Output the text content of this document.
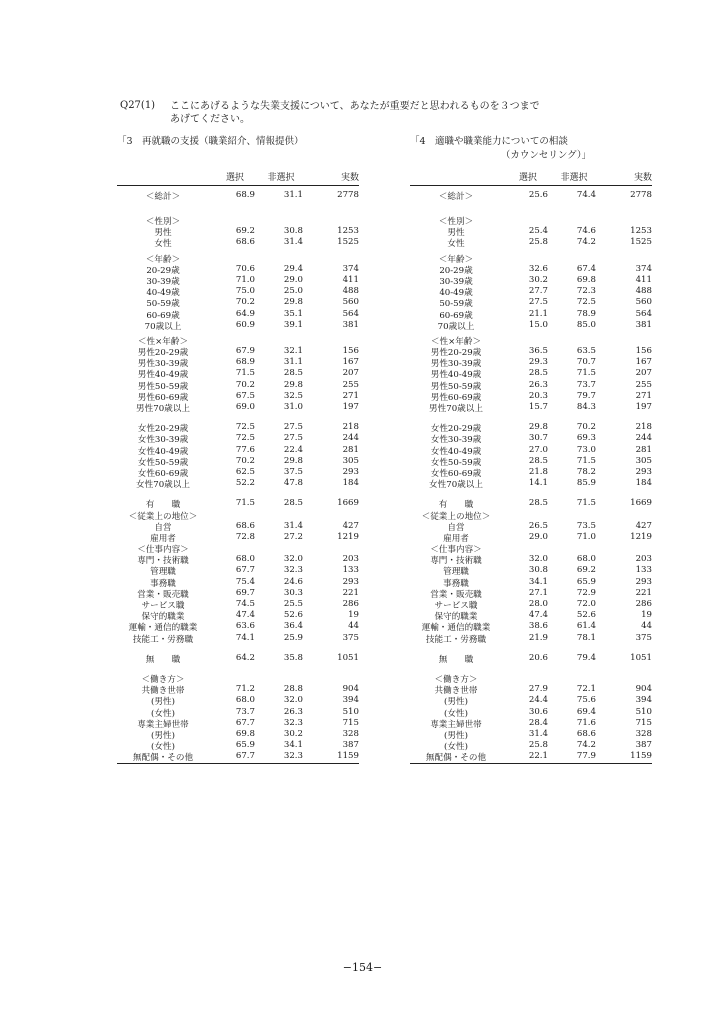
Q27(1) ここにあげるような失業支援について、あなたが重要だと思われるものを３つまで
あげてください。
「3　再就職の支援（職業紹介、情報提供）
選択	非選択	実数
＜総計＞	68.9	31.1	2778
＜性別＞
男性	69.2	30.8	1253
女性	68.6	31.4	1525
＜年齢＞
20-29歳	70.6	29.4	374
30-39歳	71.0	29.0	411
40-49歳	75.0	25.0	488
50-59歳	70.2	29.8	560
60-69歳	64.9	35.1	564
70歳以上	60.9	39.1	381
＜性×年齢＞
男性20-29歳	67.9	32.1	156
男性30-39歳	68.9	31.1	167
男性40-49歳	71.5	28.5	207
男性50-59歳	70.2	29.8	255
男性60-69歳	67.5	32.5	271
男性70歳以上	69.0	31.0	197
女性20-29歳	72.5	27.5	218
女性30-39歳	72.5	27.5	244
女性40-49歳	77.6	22.4	281
女性50-59歳	70.2	29.8	305
女性60-69歳	62.5	37.5	293
女性70歳以上	52.2	47.8	184
有　　職	71.5	28.5	1669
＜従業上の地位＞
自営	68.6	31.4	427
雇用者	72.8	27.2	1219
＜仕事内容＞
専門・技術職	68.0	32.0	203
管理職	67.7	32.3	133
事務職	75.4	24.6	293
営業・販売職	69.7	30.3	221
サービス職	74.5	25.5	286
保守的職業	47.4	52.6	19
運輸・通信的職業	63.6	36.4	44
技能工・労務職	74.1	25.9	375
無　　職	64.2	35.8	1051
＜働き方＞
共働き世帯	71.2	28.8	904
(男性)	68.0	32.0	394
(女性)	73.7	26.3	510
専業主婦世帯	67.7	32.3	715
(男性)	69.8	30.2	328
(女性)	65.9	34.1	387
無配偶・その他	67.7	32.3	1159
「4　適職や職業能力についての相談
（カウンセリング）」
選択	非選択	実数
＜総計＞	25.6	74.4	2778
＜性別＞
男性	25.4	74.6	1253
女性	25.8	74.2	1525
＜年齢＞
20-29歳	32.6	67.4	374
30-39歳	30.2	69.8	411
40-49歳	27.7	72.3	488
50-59歳	27.5	72.5	560
60-69歳	21.1	78.9	564
70歳以上	15.0	85.0	381
＜性×年齢＞
男性20-29歳	36.5	63.5	156
男性30-39歳	29.3	70.7	167
男性40-49歳	28.5	71.5	207
男性50-59歳	26.3	73.7	255
男性60-69歳	20.3	79.7	271
男性70歳以上	15.7	84.3	197
女性20-29歳	29.8	70.2	218
女性30-39歳	30.7	69.3	244
女性40-49歳	27.0	73.0	281
女性50-59歳	28.5	71.5	305
女性60-69歳	21.8	78.2	293
女性70歳以上	14.1	85.9	184
有　　職	28.5	71.5	1669
＜従業上の地位＞
自営	26.5	73.5	427
雇用者	29.0	71.0	1219
＜仕事内容＞
専門・技術職	32.0	68.0	203
管理職	30.8	69.2	133
事務職	34.1	65.9	293
営業・販売職	27.1	72.9	221
サービス職	28.0	72.0	286
保守的職業	47.4	52.6	19
運輸・通信的職業	38.6	61.4	44
技能工・労務職	21.9	78.1	375
無　　職	20.6	79.4	1051
＜働き方＞
共働き世帯	27.9	72.1	904
(男性)	24.4	75.6	394
(女性)	30.6	69.4	510
専業主婦世帯	28.4	71.6	715
(男性)	31.4	68.6	328
(女性)	25.8	74.2	387
無配偶・その他	22.1	77.9	1159
−154−
